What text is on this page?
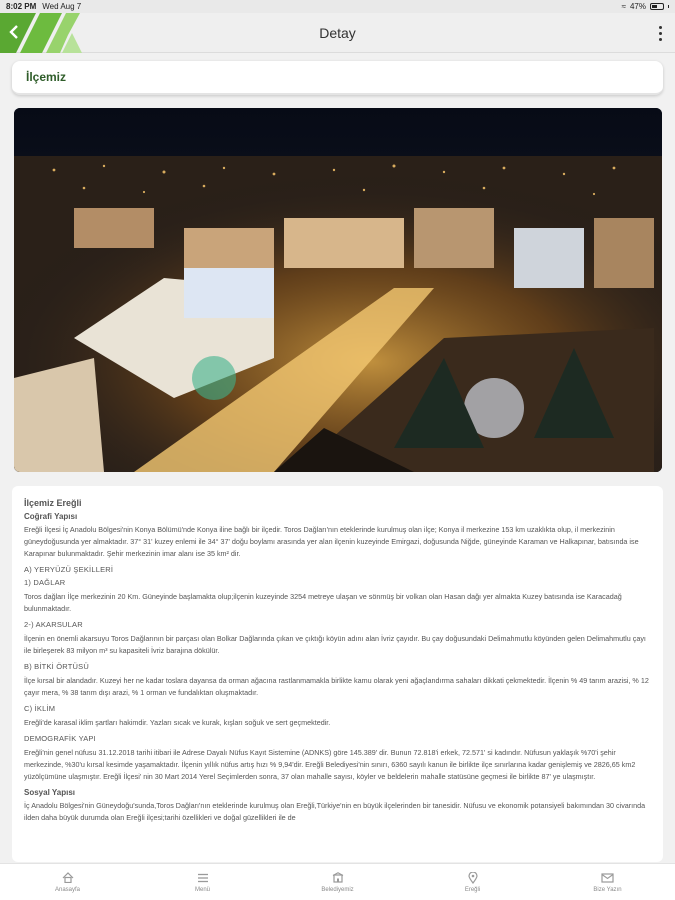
8:02 PM Wed Aug 7	≈ 47%
Detay
İlçemiz
İlçemiz Ereğli
Coğrafi Yapısı

Ereğli İlçesi İç Anadolu Bölgesi'nin Konya Bölümü'nde Konya iline bağlı bir ilçedir. Toros Dağları'nın eteklerinde kurulmuş olan ilçe; Konya il merkezine 153 km uzaklıkta olup, il merkezinin güneydoğusunda yer almaktadır. 37° 31' kuzey enlemi ile 34° 37' doğu boylamı arasında yer alan ilçenin kuzeyinde Emirgazi, doğusunda Niğde, güneyinde Karaman ve Halkapınar, batısında ise Karapınar bulunmaktadır. Şehir merkezinin imar alanı ise 35 km² dir.

A) YERYÜZÜ ŞEKİLLERİ
1) DAĞLAR

Toros dağları İlçe merkezinin 20 Km. Güneyinde başlamakta olup;ilçenin kuzeyinde 3254 metreye ulaşan ve sönmüş bir volkan olan Hasan dağı yer almakta Kuzey batısında ise Karacadağ bulunmaktadır.

2-) AKARSULAR

İlçenin en önemli akarsuyu Toros Dağlarının bir parçası olan Bolkar Dağlarında çıkan ve çıktığı köyün adını alan İvriz çayıdır. Bu çay doğusundaki Delimahmutlu köyünden gelen Delimahmutlu çayı ile birleşerek 83 milyon m³ su kapasiteli İvriz barajına dökülür.

B) BİTKİ ÖRTÜSÜ

İlçe kırsal bir alandadır. Kuzeyi her ne kadar toslara dayansa da orman ağacına rastlanmamakla birlikte kamu olarak yeni ağaçlandırma sahaları dikkati çekmektedir. İlçenin % 49 tarım arazisi, % 12 çayır mera, % 38 tarım dışı arazi, % 1 orman ve fundalıktan oluşmaktadır.

C) İKLİM

Ereğli'de karasal iklim şartları hakimdir. Yazları sıcak ve kurak, kışları soğuk ve sert geçmektedir.

DEMOGRAFİK YAPI

Ereğli'nin genel nüfusu 31.12.2018 tarihi itibari ile Adrese Dayalı Nüfus Kayıt Sistemine (ADNKS) göre 145.389' dir. Bunun 72.818'i erkek, 72.571' si kadındır. Nüfusun yaklaşık %70'i şehir merkezinde, %30'u kırsal kesimde yaşamaktadır. İlçenin yıllık nüfus artış hızı % 9,94'dir. Ereğli Belediyesi'nin sınırı, 6360 sayılı kanun ile birlikte ilçe sınırlarına kadar genişlemiş ve 2826,65 km2 yüzölçümüne ulaşmıştır. Ereğli İlçesi' nin 30 Mart 2014 Yerel Seçimlerden sonra, 37 olan mahalle sayısı, köyler ve beldelerin mahalle statüsüne geçmesi ile birlikte 87' ye ulaşmıştır.

Sosyal Yapısı

İç Anadolu Bölgesi'nin Güneydoğu'sunda,Toros Dağları'nın eteklerinde kurulmuş olan Ereğli,Türkiye'nin en büyük ilçelerinden bir tanesidir. Nüfusu ve ekonomik potansiyeli bakımından 30 civarında ilden daha büyük durumda olan Ereğli ilçesi;tarihi özellikleri ve doğal güzellikleri ile de

Anasayfa	Menü	Belediyemiz	Ereğli	Bize Yazın
